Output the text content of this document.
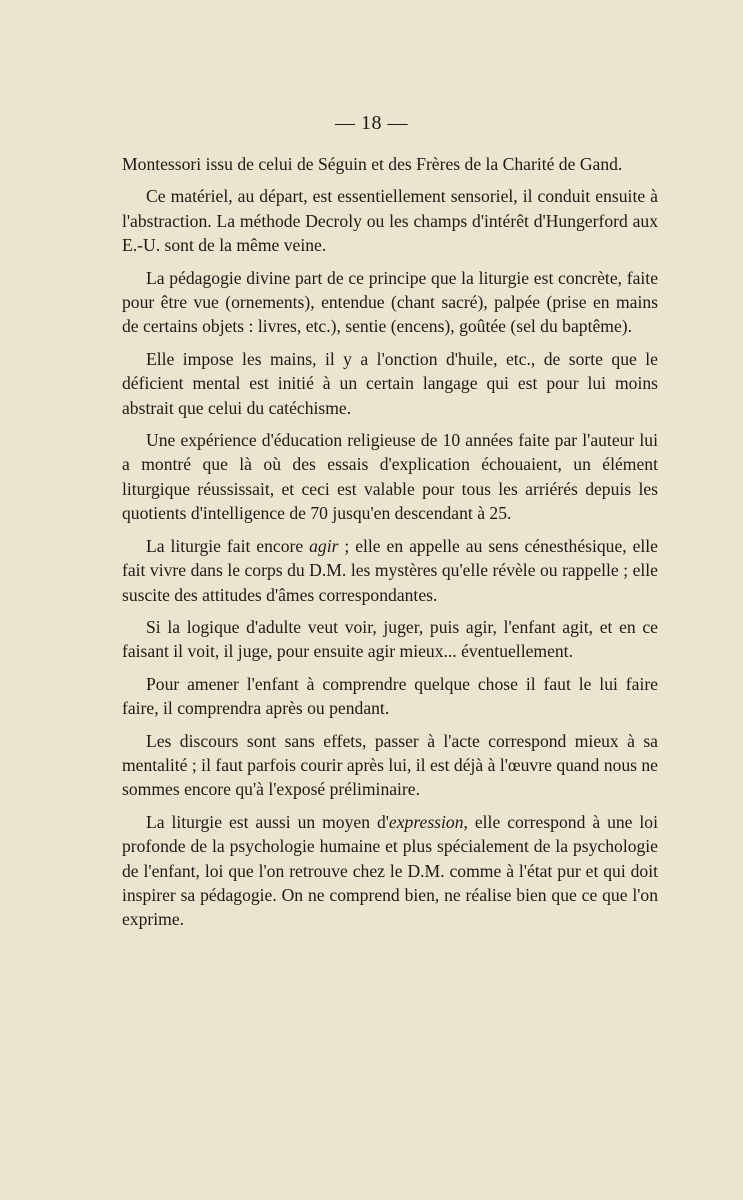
— 18 —

Montessori issu de celui de Séguin et des Frères de la Charité de Gand.

Ce matériel, au départ, est essentiellement sensoriel, il conduit ensuite à l'abstraction. La méthode Decroly ou les champs d'intérêt d'Hungerford aux E.-U. sont de la même veine.

La pédagogie divine part de ce principe que la liturgie est concrète, faite pour être vue (ornements), entendue (chant sacré), palpée (prise en mains de certains objets : livres, etc.), sentie (encens), goûtée (sel du baptême).

Elle impose les mains, il y a l'onction d'huile, etc., de sorte que le déficient mental est initié à un certain langage qui est pour lui moins abstrait que celui du catéchisme.

Une expérience d'éducation religieuse de 10 années faite par l'auteur lui a montré que là où des essais d'explication échouaient, un élément liturgique réussissait, et ceci est valable pour tous les arriérés depuis les quotients d'intelligence de 70 jusqu'en descendant à 25.

La liturgie fait encore agir ; elle en appelle au sens cénesthésique, elle fait vivre dans le corps du D.M. les mystères qu'elle révèle ou rappelle ; elle suscite des attitudes d'âmes correspondantes.

Si la logique d'adulte veut voir, juger, puis agir, l'enfant agit, et en ce faisant il voit, il juge, pour ensuite agir mieux... éventuellement.

Pour amener l'enfant à comprendre quelque chose il faut le lui faire faire, il comprendra après ou pendant.

Les discours sont sans effets, passer à l'acte correspond mieux à sa mentalité ; il faut parfois courir après lui, il est déjà à l'œuvre quand nous ne sommes encore qu'à l'exposé préliminaire.

La liturgie est aussi un moyen d'expression, elle correspond à une loi profonde de la psychologie humaine et plus spécialement de la psychologie de l'enfant, loi que l'on retrouve chez le D.M. comme à l'état pur et qui doit inspirer sa pédagogie. On ne comprend bien, ne réalise bien que ce que l'on exprime.
